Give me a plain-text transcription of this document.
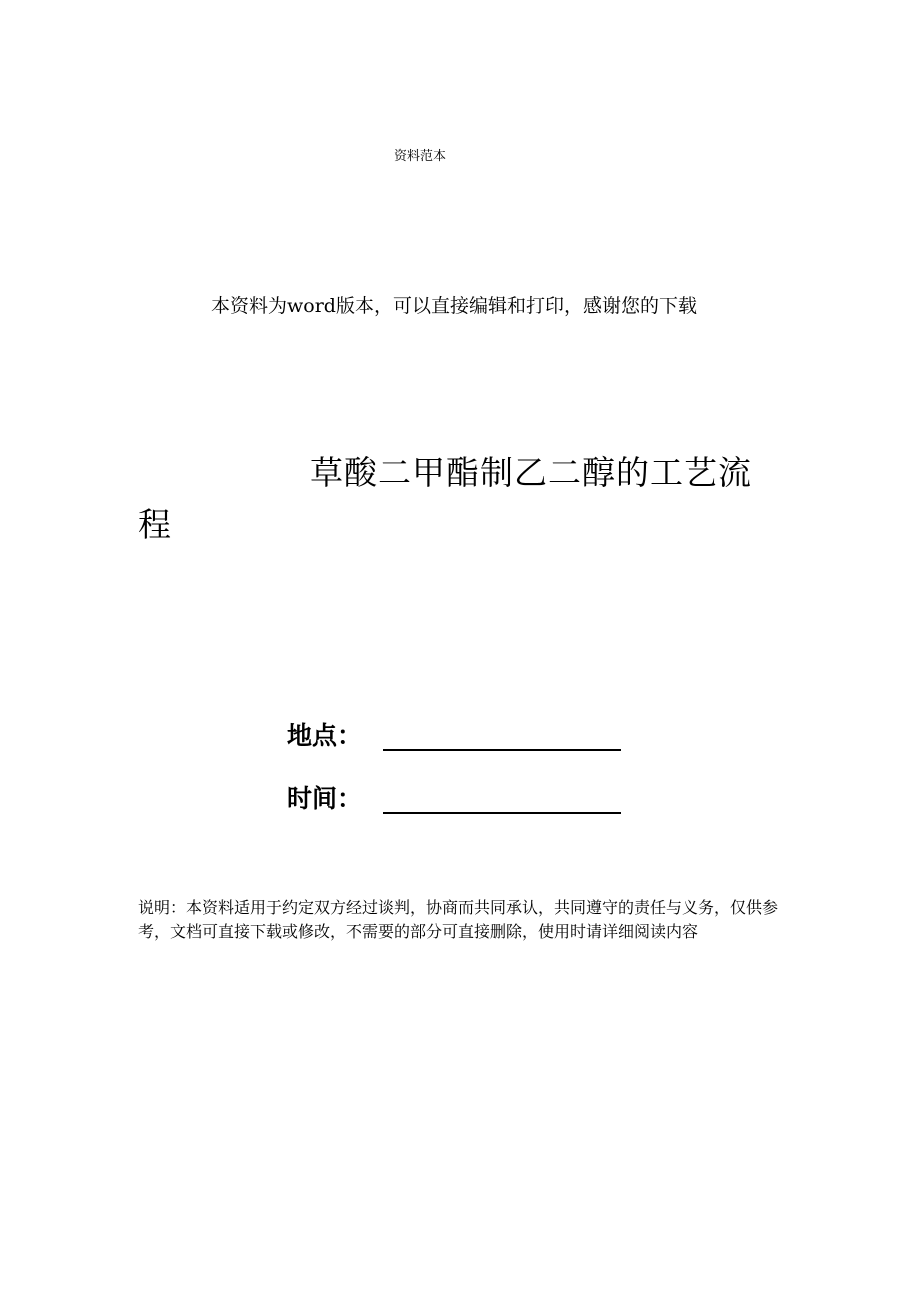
资料范本
本资料为word版本，可以直接编辑和打印，感谢您的下载
草酸二甲酯制乙二醇的工艺流程
地点：
时间：

说明：本资料适用于约定双方经过谈判，协商而共同承认，共同遵守的责任与义务，仅供参考，文档可直接下载或修改，不需要的部分可直接删除，使用时请详细阅读内容
